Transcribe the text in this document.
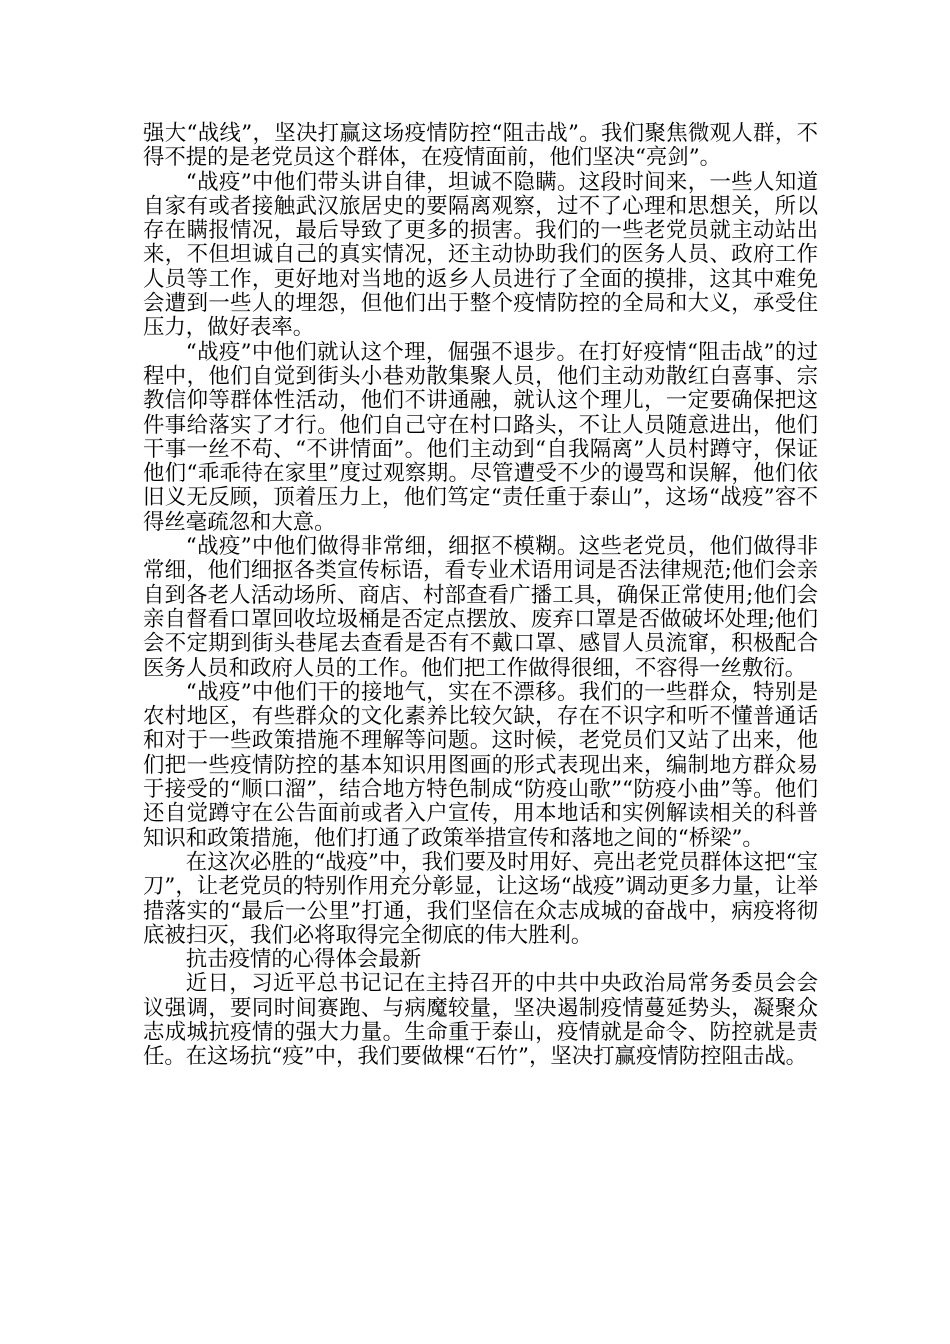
强大“战线”，坚决打赢这场疫情防控“阻击战”。我们聚焦微观人群，不得不提的是老党员这个群体，在疫情面前，他们坚决“亮剑”。

“战疫”中他们带头讲自律，坦诚不隐瞒。这段时间来，一些人知道自家有或者接触武汉旅居史的要隔离观察，过不了心理和思想关，所以存在瞒报情况，最后导致了更多的损害。我们的一些老党员就主动站出来，不但坦诚自己的真实情况，还主动协助我们的医务人员、政府工作人员等工作，更好地对当地的返乡人员进行了全面的摸排，这其中难免会遭到一些人的埋怨，但他们出于整个疫情防控的全局和大义，承受住压力，做好表率。

“战疫”中他们就认这个理，倔强不退步。在打好疫情“阻击战”的过程中，他们自觉到街头小巷劝散集聚人员，他们主动劝散红白喜事、宗教信仰等群体性活动，他们不讲通融，就认这个理儿，一定要确保把这件事给落实了才行。他们自己守在村口路头，不让人员随意进出，他们干事一丝不苟、“不讲情面”。他们主动到“自我隔离”人员村蹲守，保证他们“乖乖待在家里”度过观察期。尽管遭受不少的谩骂和误解，他们依旧义无反顾，顶着压力上，他们笃定“责任重于泰山”，这场“战疫”容不得丝毫疏忽和大意。

“战疫”中他们做得非常细，细抠不模糊。这些老党员，他们做得非常细，他们细抠各类宣传标语，看专业术语用词是否法律规范;他们会亲自到各老人活动场所、商店、村部查看广播工具，确保正常使用;他们会亲自督看口罩回收垃圾桶是否定点摆放、废弃口罩是否做破坏处理;他们会不定期到街头巷尾去查看是否有不戴口罩、感冒人员流窜，积极配合医务人员和政府人员的工作。他们把工作做得很细，不容得一丝敷衍。

“战疫”中他们干的接地气，实在不漂移。我们的一些群众，特别是农村地区，有些群众的文化素养比较欠缺，存在不识字和听不懂普通话和对于一些政策措施不理解等问题。这时候，老党员们又站了出来，他们把一些疫情防控的基本知识用图画的形式表现出来，编制地方群众易于接受的“顺口溜”，结合地方特色制成“防疫山歌”“防疫小曲”等。他们还自觉蹲守在公告面前或者入户宣传，用本地话和实例解读相关的科普知识和政策措施，他们打通了政策举措宣传和落地之间的“桥梁”。

在这次必胜的“战疫”中，我们要及时用好、亮出老党员群体这把“宝刀”，让老党员的特别作用充分彰显，让这场“战疫”调动更多力量，让举措落实的“最后一公里”打通，我们坚信在众志成城的奋战中，病疫将彻底被扫灭，我们必将取得完全彻底的伟大胜利。

抗击疫情的心得体会最新

近日，习近平总书记记在主持召开的中共中央政治局常务委员会会议强调，要同时间赛跑、与病魔较量，坚决遏制疫情蔓延势头，凝聚众志成城抗疫情的强大力量。生命重于泰山，疫情就是命令、防控就是责任。在这场抗“疫”中，我们要做棵“石竹”，坚决打赢疫情防控阻击战。
